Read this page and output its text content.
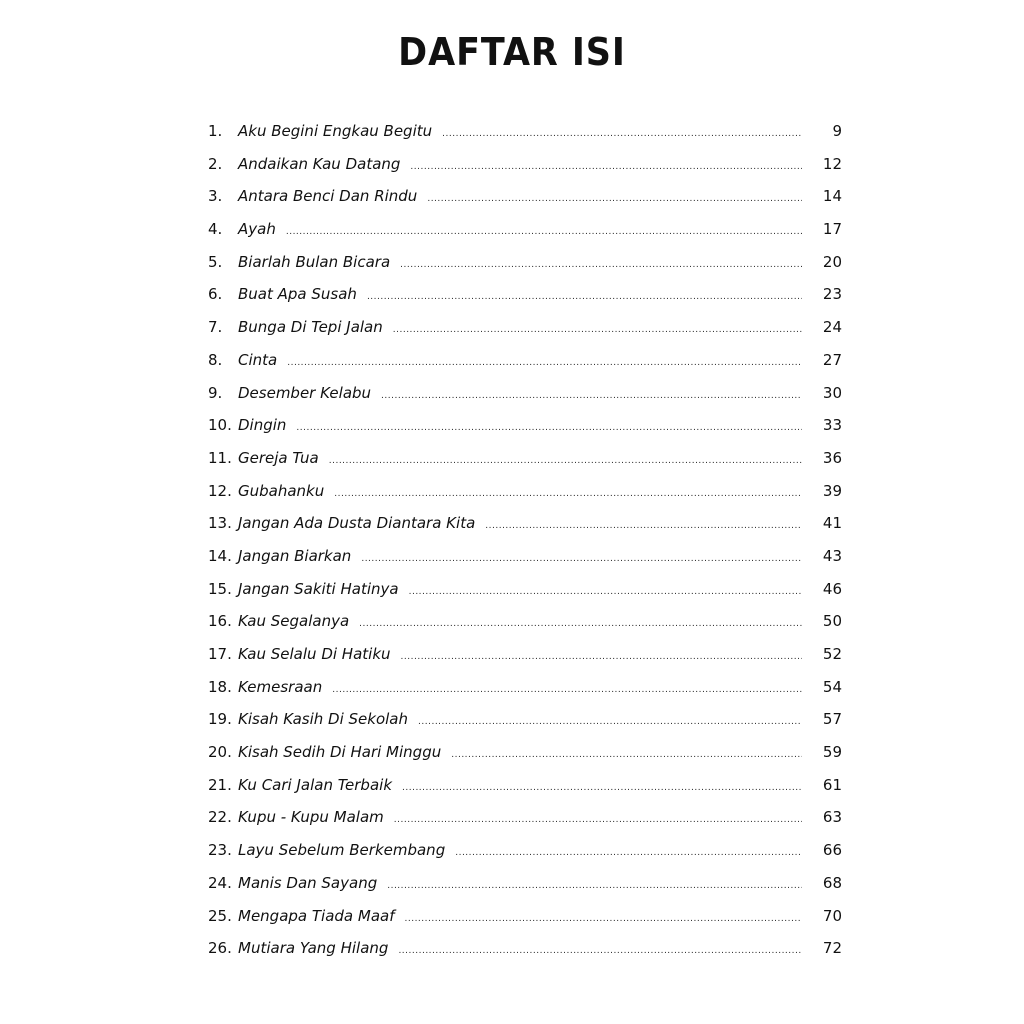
DAFTAR ISI
1.	Aku Begini Engkau Begitu .....	9
2.	Andaikan Kau Datang .....	12
3.	Antara Benci Dan Rindu .....	14
4.	Ayah .....	17
5.	Biarlah Bulan Bicara .....	20
6.	Buat Apa Susah .....	23
7.	Bunga Di Tepi Jalan .....	24
8.	Cinta .....	27
9.	Desember Kelabu .....	30
10. Dingin .....	33
11. Gereja Tua .....	36
12. Gubahanku .....	39
13. Jangan Ada Dusta Diantara Kita .....	41
14. Jangan Biarkan .....	43
15. Jangan Sakiti Hatinya .....	46
16. Kau Segalanya .....	50
17. Kau Selalu Di Hatiku .....	52
18. Kemesraan .....	54
19. Kisah Kasih Di Sekolah .....	57
20. Kisah Sedih Di Hari Minggu .....	59
21. Ku Cari Jalan Terbaik .....	61
22. Kupu - Kupu Malam .....	63
23. Layu Sebelum Berkembang .....	66
24. Manis Dan Sayang .....	68
25. Mengapa Tiada Maaf .....	70
26. Mutiara Yang Hilang .....	72
